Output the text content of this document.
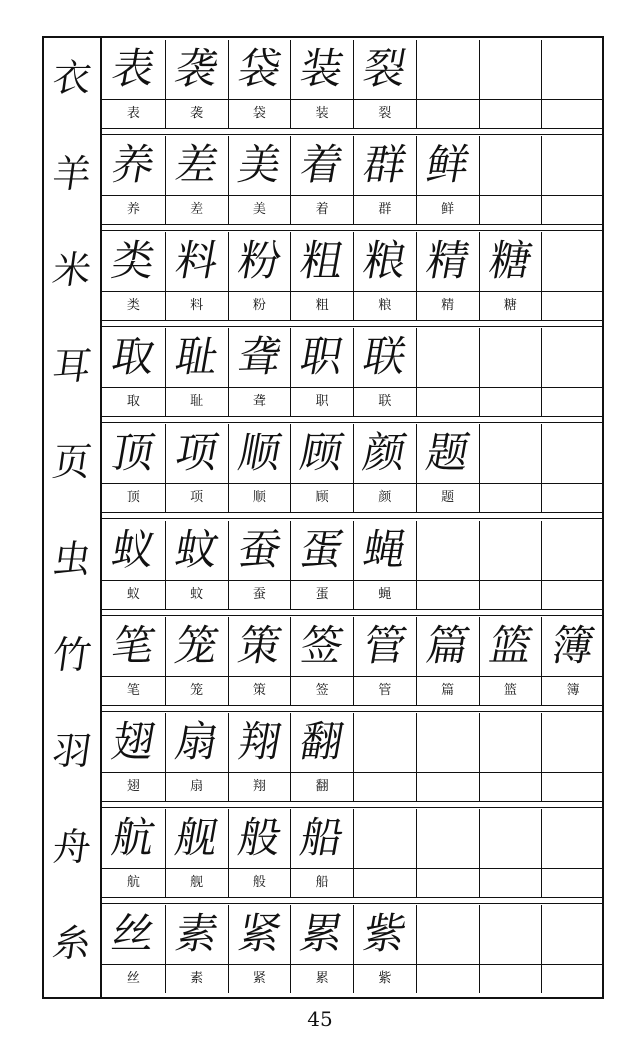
衣
羊
米
耳
页
虫
竹
羽
舟
糸
表
表
袭
袭
袋
袋
装
装
裂
裂
养
养
差
差
美
美
着
着
群
群
鲜
鲜
类
类
料
料
粉
粉
粗
粗
粮
粮
精
精
糖
糖
取
取
耻
耻
聋
聋
职
职
联
联
顶
顶
项
项
顺
顺
顾
顾
颜
颜
题
题
蚁
蚁
蚊
蚊
蚕
蚕
蛋
蛋
蝇
蝇
笔
笔
笼
笼
策
策
签
签
管
管
篇
篇
篮
篮
簿
簿
翅
翅
扇
扇
翔
翔
翻
翻
航
航
舰
舰
般
般
船
船
丝
丝
素
素
紧
紧
累
累
紫
紫
45
